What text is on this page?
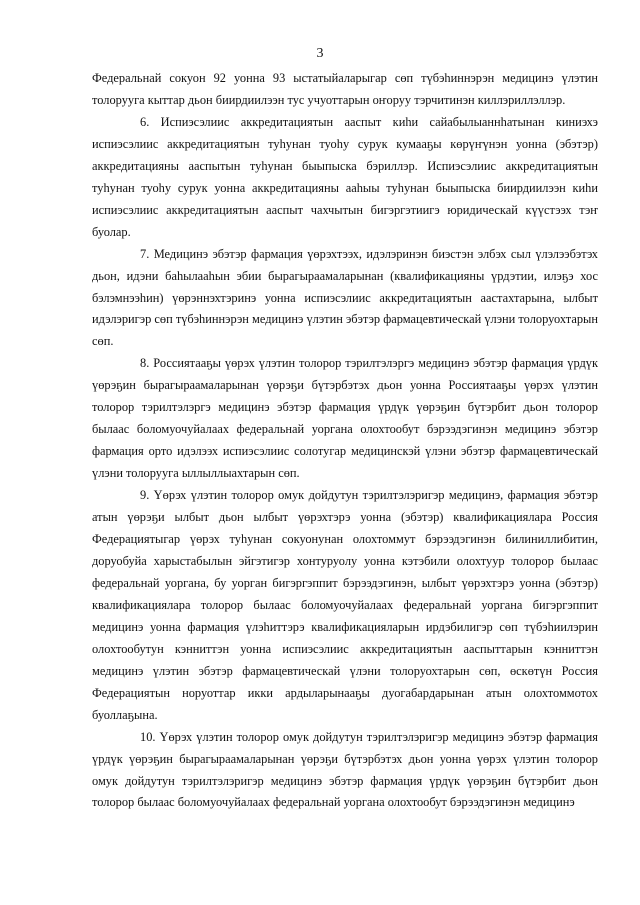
3

Федеральнай сокуон 92 уонна 93 ыстатыйаларыгар сөп түбэһиннэрэн медицинэ үлэтин толоруугa кыттар дьон биирдиилээн тус учуоттарын оҥоруу тэрчитинэн киллэриллэллэр.

6. Испиэсэлиис аккредитациятын ааспыт киһи сайабылыаннһатынан киниэхэ испиэсэлиис аккредитациятын туһунан туоһу сурук кумааҕы көрүҥүнэн уонна (эбэтэр) аккредитацияны аaспытын туһунан быыпыска бэриллэр. Испиэсэлиис аккредитациятын туһунан туоһу сурук уонна аккредитацияны ааһыы туһунан быыпыска биирдиилээн киһи испиэсэлиис аккредитациятын аaспыт чахчытын бигэргэтиигэ юридическай күүстээх тэҥ буолар.

7. Медицинэ эбэтэр фармация үөрэхтээх, идэлэринэн биэстэн элбэх сыл үлэлээбэтэх дьон, идэни баһылааһын эбии бырагыраамаларынан (квалификацияны үрдэтии, илэҕэ хос бэлэмнээһин) үөрэннэхтэринэ уонна испиэсэлиис аккредитациятын аастахтарына, ылбыт идэлэригэр сөп түбэһиннэрэн медицинэ үлэтин эбэтэр фармацевтическай үлэни толоруохтарын сөп.

8. Россиятааҕы үөрэх үлэтин толорор тэрилтэлэргэ медицинэ эбэтэр фармация үрдүк үөрэҕин бырагыраамаларынан үөрэҕи бүтэрбэтэх дьон уонна Россиятааҕы үөрэх үлэтин толорор тэрилтэлэргэ медицинэ эбэтэр фармация үрдүк үөрэҕин бүтэрбит дьон толорор былаас боломуочуйалаах федеральнай уорганa олохтообут бэрээдэгинэн медицинэ эбэтэр фармация орто идэлээх испиэсэлиис солотугар медицинскэй үлэни эбэтэр фармацевтическай үлэни толоруугa ыллыллыахтарын сөп.

9. Үөрэх үлэтин толорор омук дойдутун тэрилтэлэригэр медицинэ, фармация эбэтэр атын үөрэҕи ылбыт дьон ылбыт үөрэхтэрэ уонна (эбэтэр) квалификациялара Россия Федерациятыгар үөрэх туһунан сокуонунан олохтоммут бэрээдэгинэн билиниллибитин, доруобуйа харыстабылын эйгэтигэр хонтуруолу уонна кэтэбили олохтуур толорор былаас федеральнай уорганa, бу уорган бигэргэппит бэрээдэгинэн, ылбыт үөрэхтэрэ уонна (эбэтэр) квалификациялара толорор былаас боломуочуйалаах федеральнай уорганa бигэргэппит медицинэ уонна фармация үлэһиттэрэ квалификацияларын ирдэбилигэр сөп түбэһиилэрин олохтообутун кэнниттэн уонна испиэсэлиис аккредитациятын аaспыттарын кэнниттэн медицинэ үлэтин эбэтэр фармацевтическай үлэни толоруохтарын сөп, өскөтүн Россия Федерациятын норуоттар икки ардыларынааҕы дуогабардарынан атын олохтоммотох буоллаҕына.

10. Үөрэх үлэтин толорор омук дойдутун тэрилтэлэригэр медицинэ эбэтэр фармация үрдүк үөрэҕин бырагыраамаларынан үөрэҕи бүтэрбэтэх дьон уонна үөрэх үлэтин толорор омук дойдутун тэрилтэлэригэр медицинэ эбэтэр фармация үрдүк үөрэҕин бүтэрбит дьон толорор былаас боломуочуйалаах федеральнай уорганa олохтообут бэрээдэгинэн медицинэ
